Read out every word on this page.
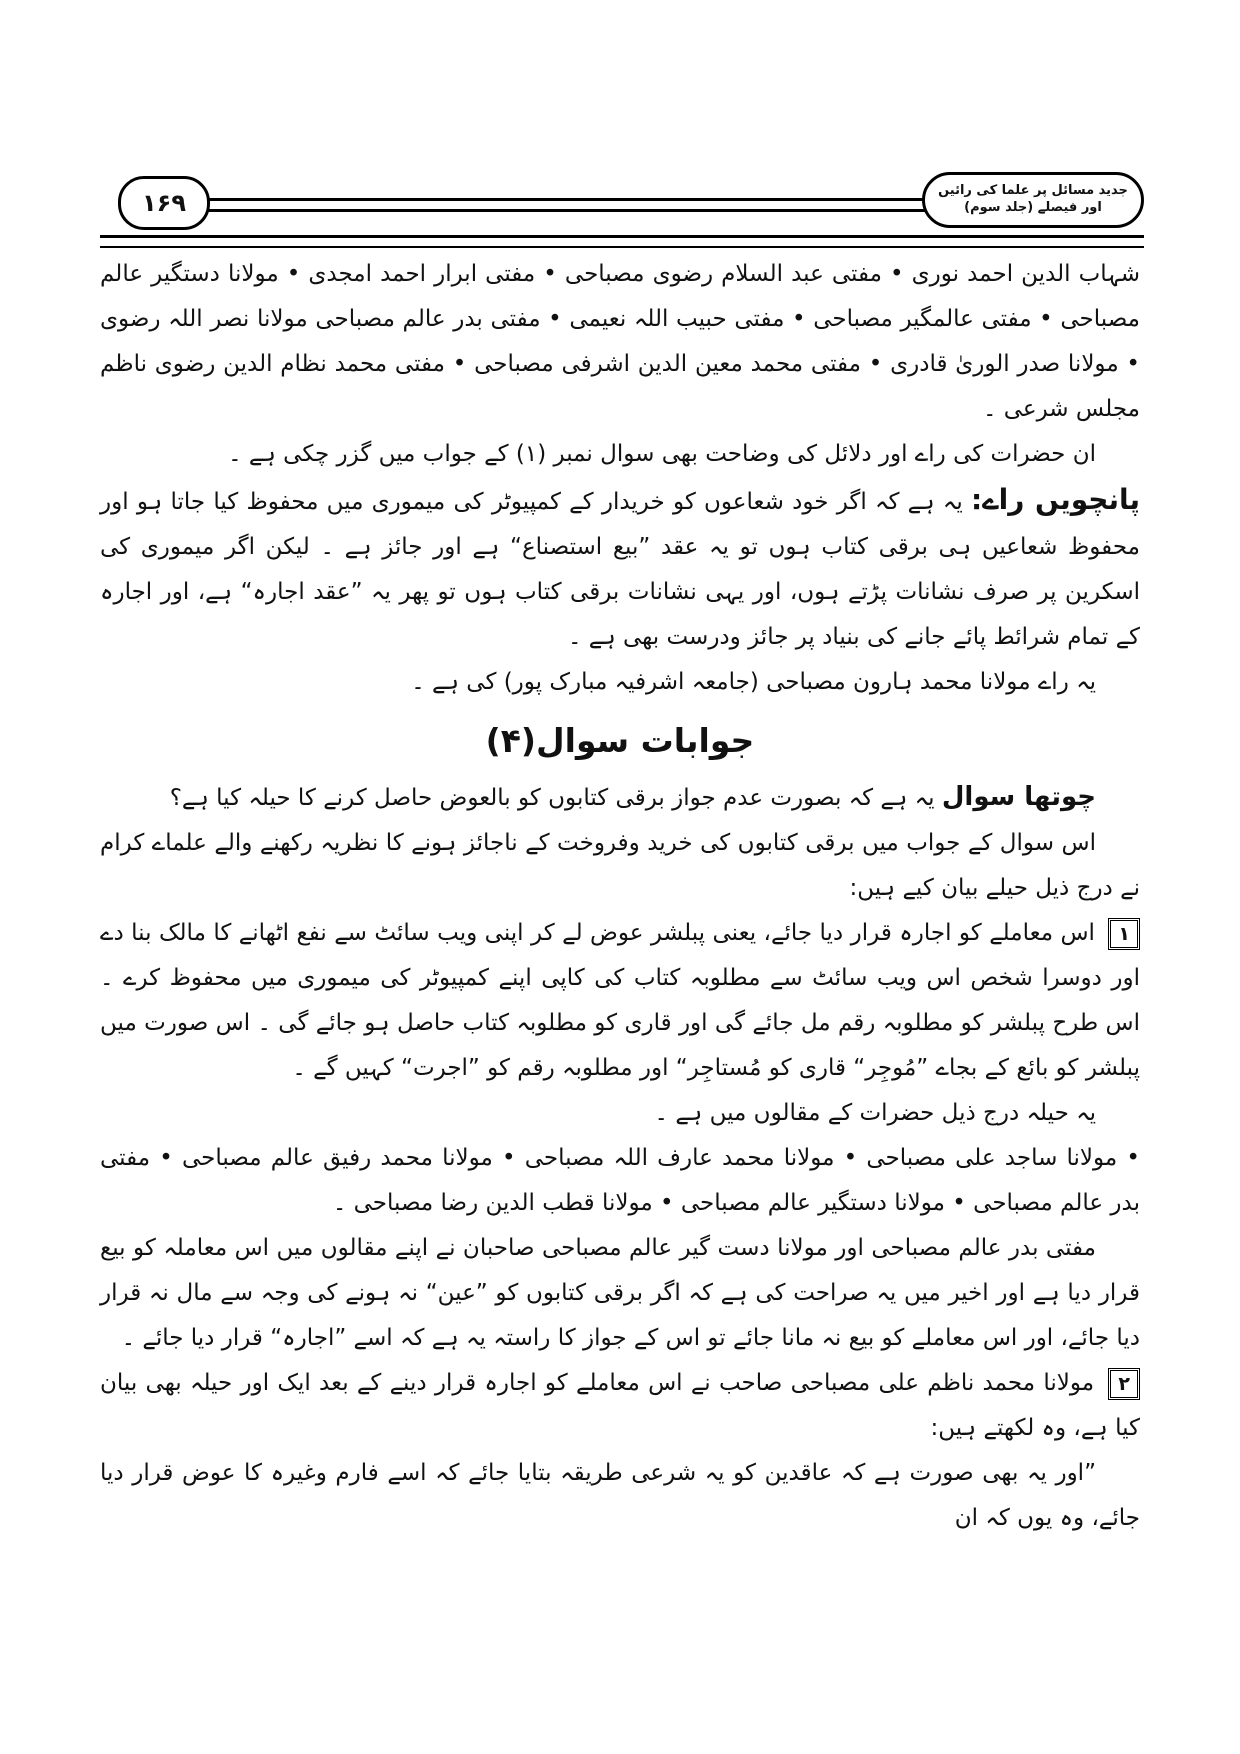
۱۶۹	جدید مسائل پر علما کی رائیں اور فیصلے (جلد سوم)

شہاب الدین احمد نوری • مفتی عبد السلام رضوی مصباحی • مفتی ابرار احمد امجدی • مولانا دستگیر عالم مصباحی • مفتی عالمگیر مصباحی • مفتی حبیب اللہ نعیمی • مفتی بدر عالم مصباحی مولانا نصر اللہ رضوی • مولانا صدر الورىٰ قادری • مفتی محمد معین الدین اشرفی مصباحی • مفتی محمد نظام الدین رضوی ناظم مجلس شرعی ۔

ان حضرات کی راے اور دلائل کی وضاحت بھی سوال نمبر (۱) کے جواب میں گزر چکی ہے ۔

پانچویں راے: یہ ہے کہ اگر خود شعاعوں کو خریدار کے کمپیوٹر کی میموری میں محفوظ کیا جاتا ہو اور محفوظ شعاعیں ہی برقی کتاب ہوں تو یہ عقد ”بیع استصناع“ ہے اور جائز ہے ۔ لیکن اگر میموری کی اسکرین پر صرف نشانات پڑتے ہوں، اور یہی نشانات برقی کتاب ہوں تو پھر یہ ”عقد اجارہ“ ہے، اور اجارہ کے تمام شرائط پائے جانے کی بنیاد پر جائز ودرست بھی ہے ۔

یہ راے مولانا محمد ہارون مصباحی (جامعہ اشرفیہ مبارک پور) کی ہے ۔

جوابات سوال(۴)

چوتھا سوال یہ ہے کہ بصورت عدم جواز برقی کتابوں کو بالعوض حاصل کرنے کا حیلہ کیا ہے؟

اس سوال کے جواب میں برقی کتابوں کی خرید وفروخت کے ناجائز ہونے کا نظریہ رکھنے والے علماے کرام نے درج ذیل حیلے بیان کیے ہیں:

۱ اس معاملے کو اجارہ قرار دیا جائے، یعنی پبلشر عوض لے کر اپنی ویب سائٹ سے نفع اٹھانے کا مالک بنا دے اور دوسرا شخص اس ویب سائٹ سے مطلوبہ کتاب کی کاپی اپنے کمپیوٹر کی میموری میں محفوظ کرے ۔ اس طرح پبلشر کو مطلوبہ رقم مل جائے گی اور قاری کو مطلوبہ کتاب حاصل ہو جائے گی ۔ اس صورت میں پبلشر کو بائع کے بجاے ”مُوجِر“ قاری کو مُستاجِر“ اور مطلوبہ رقم کو ”اجرت“ کہیں گے ۔

یہ حیلہ درج ذیل حضرات کے مقالوں میں ہے ۔

• مولانا ساجد علی مصباحی • مولانا محمد عارف اللہ مصباحی • مولانا محمد رفیق عالم مصباحی • مفتی بدر عالم مصباحی • مولانا دستگیر عالم مصباحی • مولانا قطب الدین رضا مصباحی ۔

مفتی بدر عالم مصباحی اور مولانا دست گیر عالم مصباحی صاحبان نے اپنے مقالوں میں اس معاملہ کو بیع قرار دیا ہے اور اخیر میں یہ صراحت کی ہے کہ اگر برقی کتابوں کو ”عین“ نہ ہونے کی وجہ سے مال نہ قرار دیا جائے، اور اس معاملے کو بیع نہ مانا جائے تو اس کے جواز کا راستہ یہ ہے کہ اسے ”اجارہ“ قرار دیا جائے ۔

۲ مولانا محمد ناظم علی مصباحی صاحب نے اس معاملے کو اجارہ قرار دینے کے بعد ایک اور حیلہ بھی بیان کیا ہے، وہ لکھتے ہیں:

”اور یہ بھی صورت ہے کہ عاقدین کو یہ شرعی طریقہ بتایا جائے کہ اسے فارم وغیرہ کا عوض قرار دیا جائے، وہ یوں کہ ان
